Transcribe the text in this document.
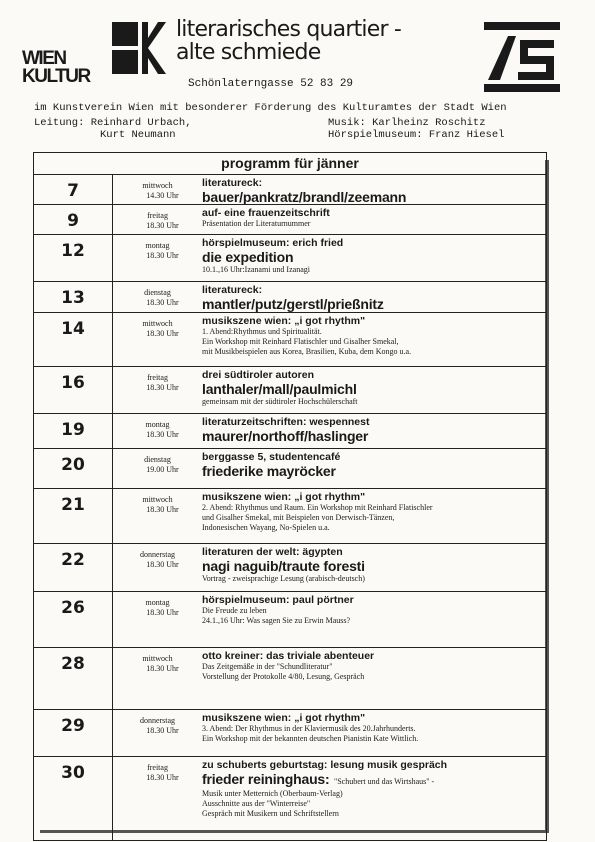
WIEN
KULTUR
literarisches quartier -
alte schmiede
Schönlaterngasse 52 83 29
im Kunstverein Wien mit besonderer Förderung des Kulturamtes der Stadt Wien
Leitung: Reinhard Urbach,
Kurt Neumann
Musik: Karlheinz Roschitz
Hörspielmuseum: Franz Hiesel
programm für jänner
7	mittwoch
14.30 Uhr
literatureck:
bauer/pankratz/brandl/zeemann
9	freitag
18.30 Uhr
auf- eine frauenzeitschrift
Präsentation der Literaturnummer
12	montag
18.30 Uhr
hörspielmuseum: erich fried
die expedition
10.1.,16 Uhr:Izanami und Izanagi
13	dienstag
18.30 Uhr
literatureck:
mantler/putz/gerstl/prießnitz
14	mittwoch
18.30 Uhr
musikszene wien: „i got rhythm"
1. Abend:Rhythmus und Spiritualität.
Ein Workshop mit Reinhard Flatischler und Gisalher Smekal,
mit Musikbeispielen aus Korea, Brasilien, Kuba, dem Kongo u.a.
16	freitag
18.30 Uhr
drei südtiroler autoren
lanthaler/mall/paulmichl
gemeinsam mit der südtiroler Hochschülerschaft
19	montag
18.30 Uhr
literaturzeitschriften: wespennest
maurer/northoff/haslinger
20	dienstag
19.00 Uhr
berggasse 5, studentencafé
friederike mayröcker
21	mittwoch
18.30 Uhr
musikszene wien: „i got rhythm"
2. Abend: Rhythmus und Raum. Ein Workshop mit Reinhard Flatischler
und Gisalher Smekal, mit Beispielen von Derwisch-Tänzen,
Indonesischen Wayang, No-Spielen u.a.
22	donnerstag
18.30 Uhr
literaturen der welt: ägypten
nagi naguib/traute foresti
Vortrag - zweisprachige Lesung (arabisch-deutsch)
26	montag
18.30 Uhr
hörspielmuseum: paul pörtner
Die Freude zu leben
24.1.,16 Uhr: Was sagen Sie zu Erwin Mauss?
28	mittwoch
18.30 Uhr
otto kreiner: das triviale abenteuer
Das Zeitgemäße in der "Schundliteratur"
Vorstellung der Protokolle 4/80, Lesung, Gespräch
29	donnerstag
18.30 Uhr
musikszene wien: „i got rhythm"
3. Abend: Der Rhythmus in der Klaviermusik des 20.Jahrhunderts.
Ein Workshop mit der bekannten deutschen Pianistin Kate Wittlich.
30	freitag
18.30 Uhr
zu schuberts geburtstag: lesung musik gespräch
frieder reininghaus: "Schubert und das Wirtshaus" -
Musik unter Metternich (Oberbaum-Verlag)
Ausschnitte aus der "Winterreise"
Gespräch mit Musikern und Schriftstellern
